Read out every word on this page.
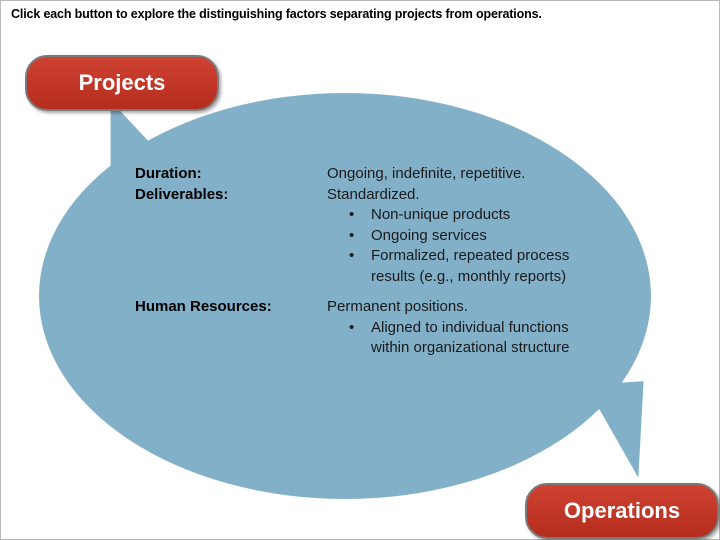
Click each button to explore the distinguishing factors separating projects from operations.
Duration:	Ongoing, indefinite, repetitive.
Deliverables:	Standardized.
• Non-unique products
• Ongoing services
• Formalized, repeated process results (e.g., monthly reports)
Human Resources:	Permanent positions.
• Aligned to individual functions within organizational structure
Projects
Operations
